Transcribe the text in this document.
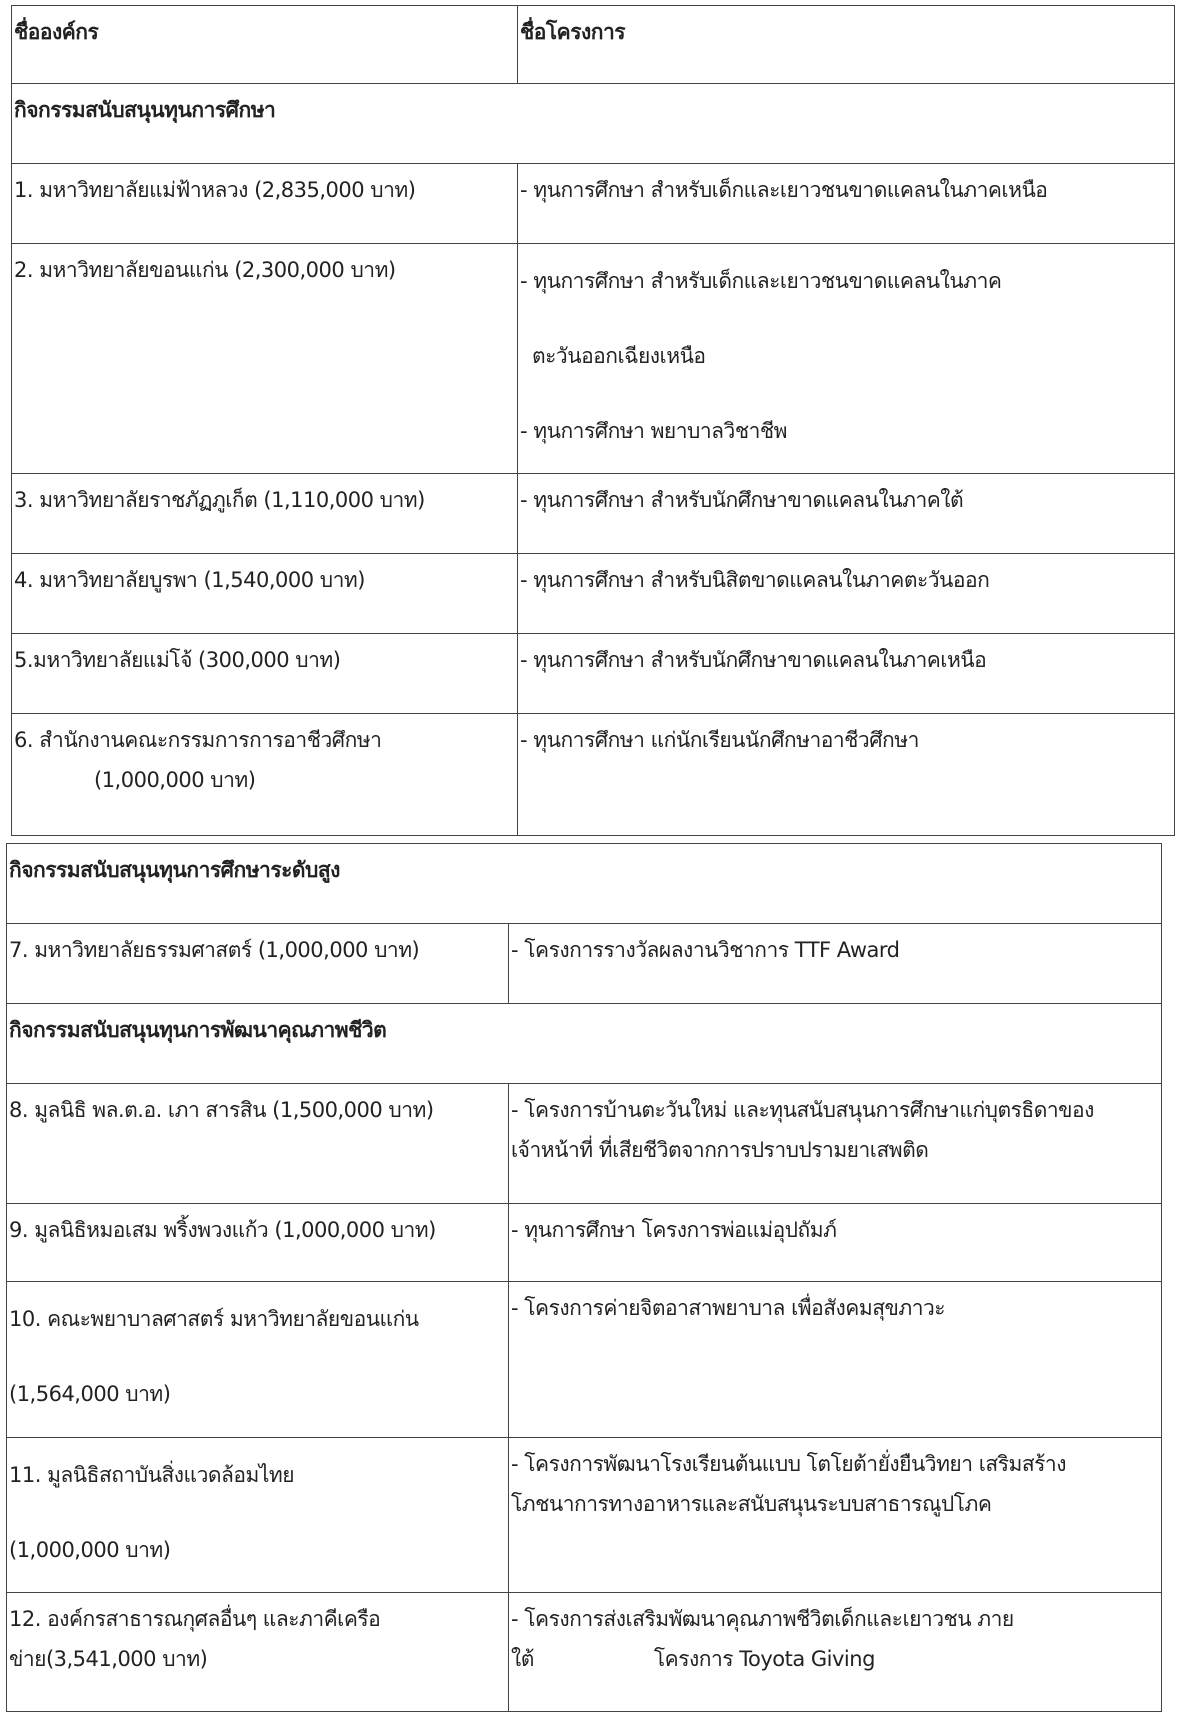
ชื่อองค์กร	ชื่อโครงการ
กิจกรรมสนับสนุนทุนการศึกษา	
1. มหาวิทยาลัยแม่ฟ้าหลวง (2,835,000 บาท)	- ทุนการศึกษา สำหรับเด็กและเยาวชนขาดแคลนในภาคเหนือ
2. มหาวิทยาลัยขอนแก่น (2,300,000 บาท)	- ทุนการศึกษา สำหรับเด็กและเยาวชนขาดแคลนในภาค
ตะวันออกเฉียงเหนือ
- ทุนการศึกษา พยาบาลวิชาชีพ

3. มหาวิทยาลัยราชภัฏภูเก็ต (1,110,000 บาท)	- ทุนการศึกษา สำหรับนักศึกษาขาดแคลนในภาคใต้
4. มหาวิทยาลัยบูรพา (1,540,000 บาท)	- ทุนการศึกษา สำหรับนิสิตขาดแคลนในภาคตะวันออก
5.มหาวิทยาลัยแม่โจ้ (300,000 บาท)	- ทุนการศึกษา สำหรับนักศึกษาขาดแคลนในภาคเหนือ

6. สำนักงานคณะกรรมการการอาชีวศึกษา
(1,000,000 บาท)	- ทุนการศึกษา แก่นักเรียนนักศึกษาอาชีวศึกษา
กิจกรรมสนับสนุนทุนการศึกษาระดับสูง	
7. มหาวิทยาลัยธรรมศาสตร์ (1,000,000 บาท)	- โครงการรางวัลผลงานวิชาการ TTF Award
กิจกรรมสนับสนุนทุนการพัฒนาคุณภาพชีวิต	
8. มูลนิธิ พล.ต.อ. เภา สารสิน (1,500,000 บาท)	- โครงการบ้านตะวันใหม่ และทุนสนับสนุนการศึกษาแก่บุตรธิดาของ
เจ้าหน้าที่ ที่เสียชีวิตจากการปราบปรามยาเสพติด

9. มูลนิธิหมอเสม พริ้งพวงแก้ว (1,000,000 บาท)	- ทุนการศึกษา โครงการพ่อแม่อุปถัมภ์

10. คณะพยาบาลศาสตร์ มหาวิทยาลัยขอนแก่น
(1,564,000 บาท)	- โครงการค่ายจิตอาสาพยาบาล เพื่อสังคมสุขภาวะ

11. มูลนิธิสถาบันสิ่งแวดล้อมไทย
(1,000,000 บาท)	- โครงการพัฒนาโรงเรียนต้นแบบ โตโยต้ายั่งยืนวิทยา เสริมสร้าง
โภชนาการทางอาหารและสนับสนุนระบบสาธารณูปโภค

12. องค์กรสาธารณกุศลอื่นๆ และภาคีเครือ
ข่าย(3,541,000 บาท)	- โครงการส่งเสริมพัฒนาคุณภาพชีวิตเด็กและเยาวชน ภาย
ใต้ โครงการ Toyota Giving
